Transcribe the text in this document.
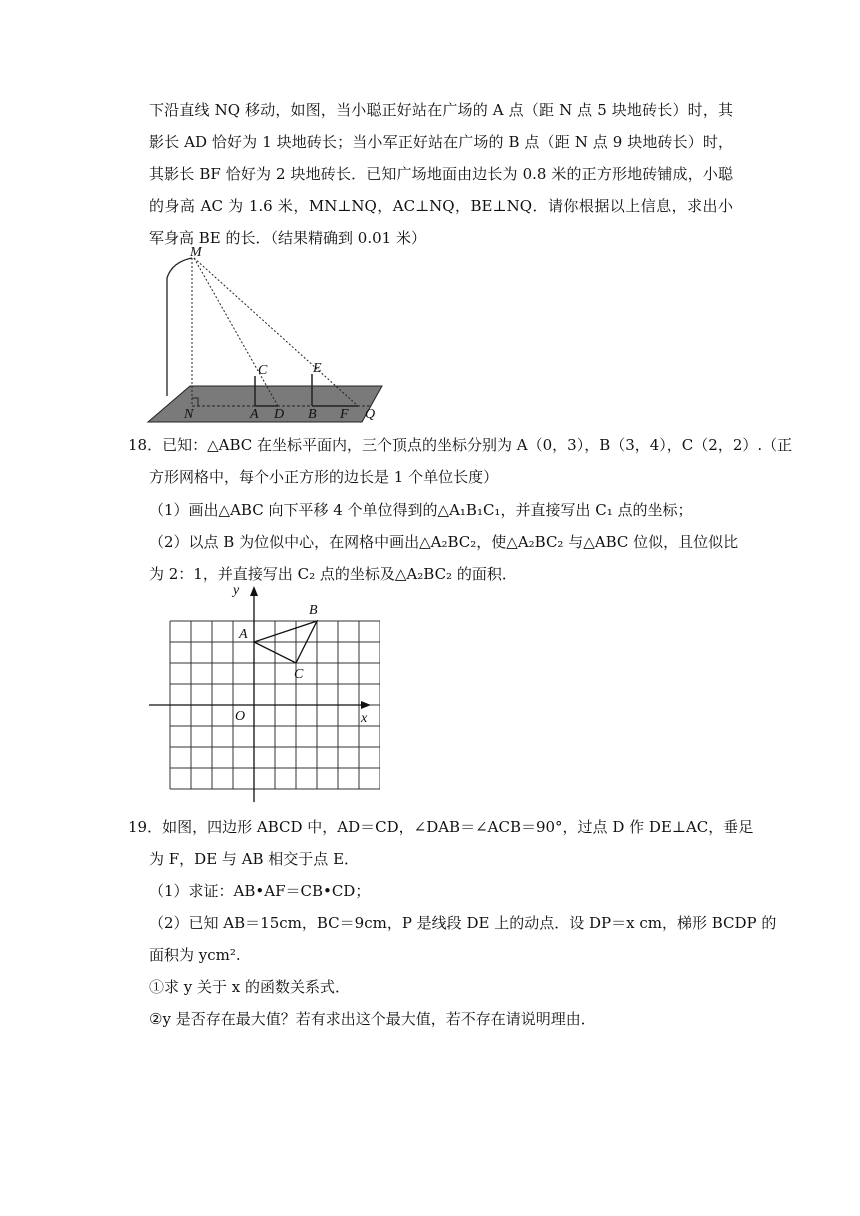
下沿直线 NQ 移动，如图，当小聪正好站在广场的 A 点（距 N 点 5 块地砖长）时，其影长 AD 恰好为 1 块地砖长；当小军正好站在广场的 B 点（距 N 点 9 块地砖长）时，其影长 BF 恰好为 2 块地砖长．已知广场地面由边长为 0.8 米的正方形地砖铺成，小聪的身高 AC 为 1.6 米，MN⊥NQ，AC⊥NQ，BE⊥NQ．请你根据以上信息，求出小军身高 BE 的长．（结果精确到 0.01 米）
M
C	E
N	A D B F Q
18．已知：△ABC 在坐标平面内，三个顶点的坐标分别为 A（0，3），B（3，4），C（2，2）.（正
方形网格中，每个小正方形的边长是 1 个单位长度）
（1）画出△ABC 向下平移 4 个单位得到的△A₁B₁C₁，并直接写出 C₁ 点的坐标；
（2）以点 B 为位似中心，在网格中画出△A₂BC₂，使△A₂BC₂ 与△ABC 位似，且位似比
为 2：1，并直接写出 C₂ 点的坐标及△A₂BC₂ 的面积．
y
x
O
A
B
C
19．如图，四边形 ABCD 中，AD＝CD，∠DAB＝∠ACB＝90°，过点 D 作 DE⊥AC，垂足
为 F，DE 与 AB 相交于点 E．
（1）求证：AB•AF＝CB•CD；
（2）已知 AB＝15cm，BC＝9cm，P 是线段 DE 上的动点．设 DP＝x cm，梯形 BCDP 的
面积为 ycm².
①求 y 关于 x 的函数关系式．
②y 是否存在最大值？若有求出这个最大值，若不存在请说明理由．
